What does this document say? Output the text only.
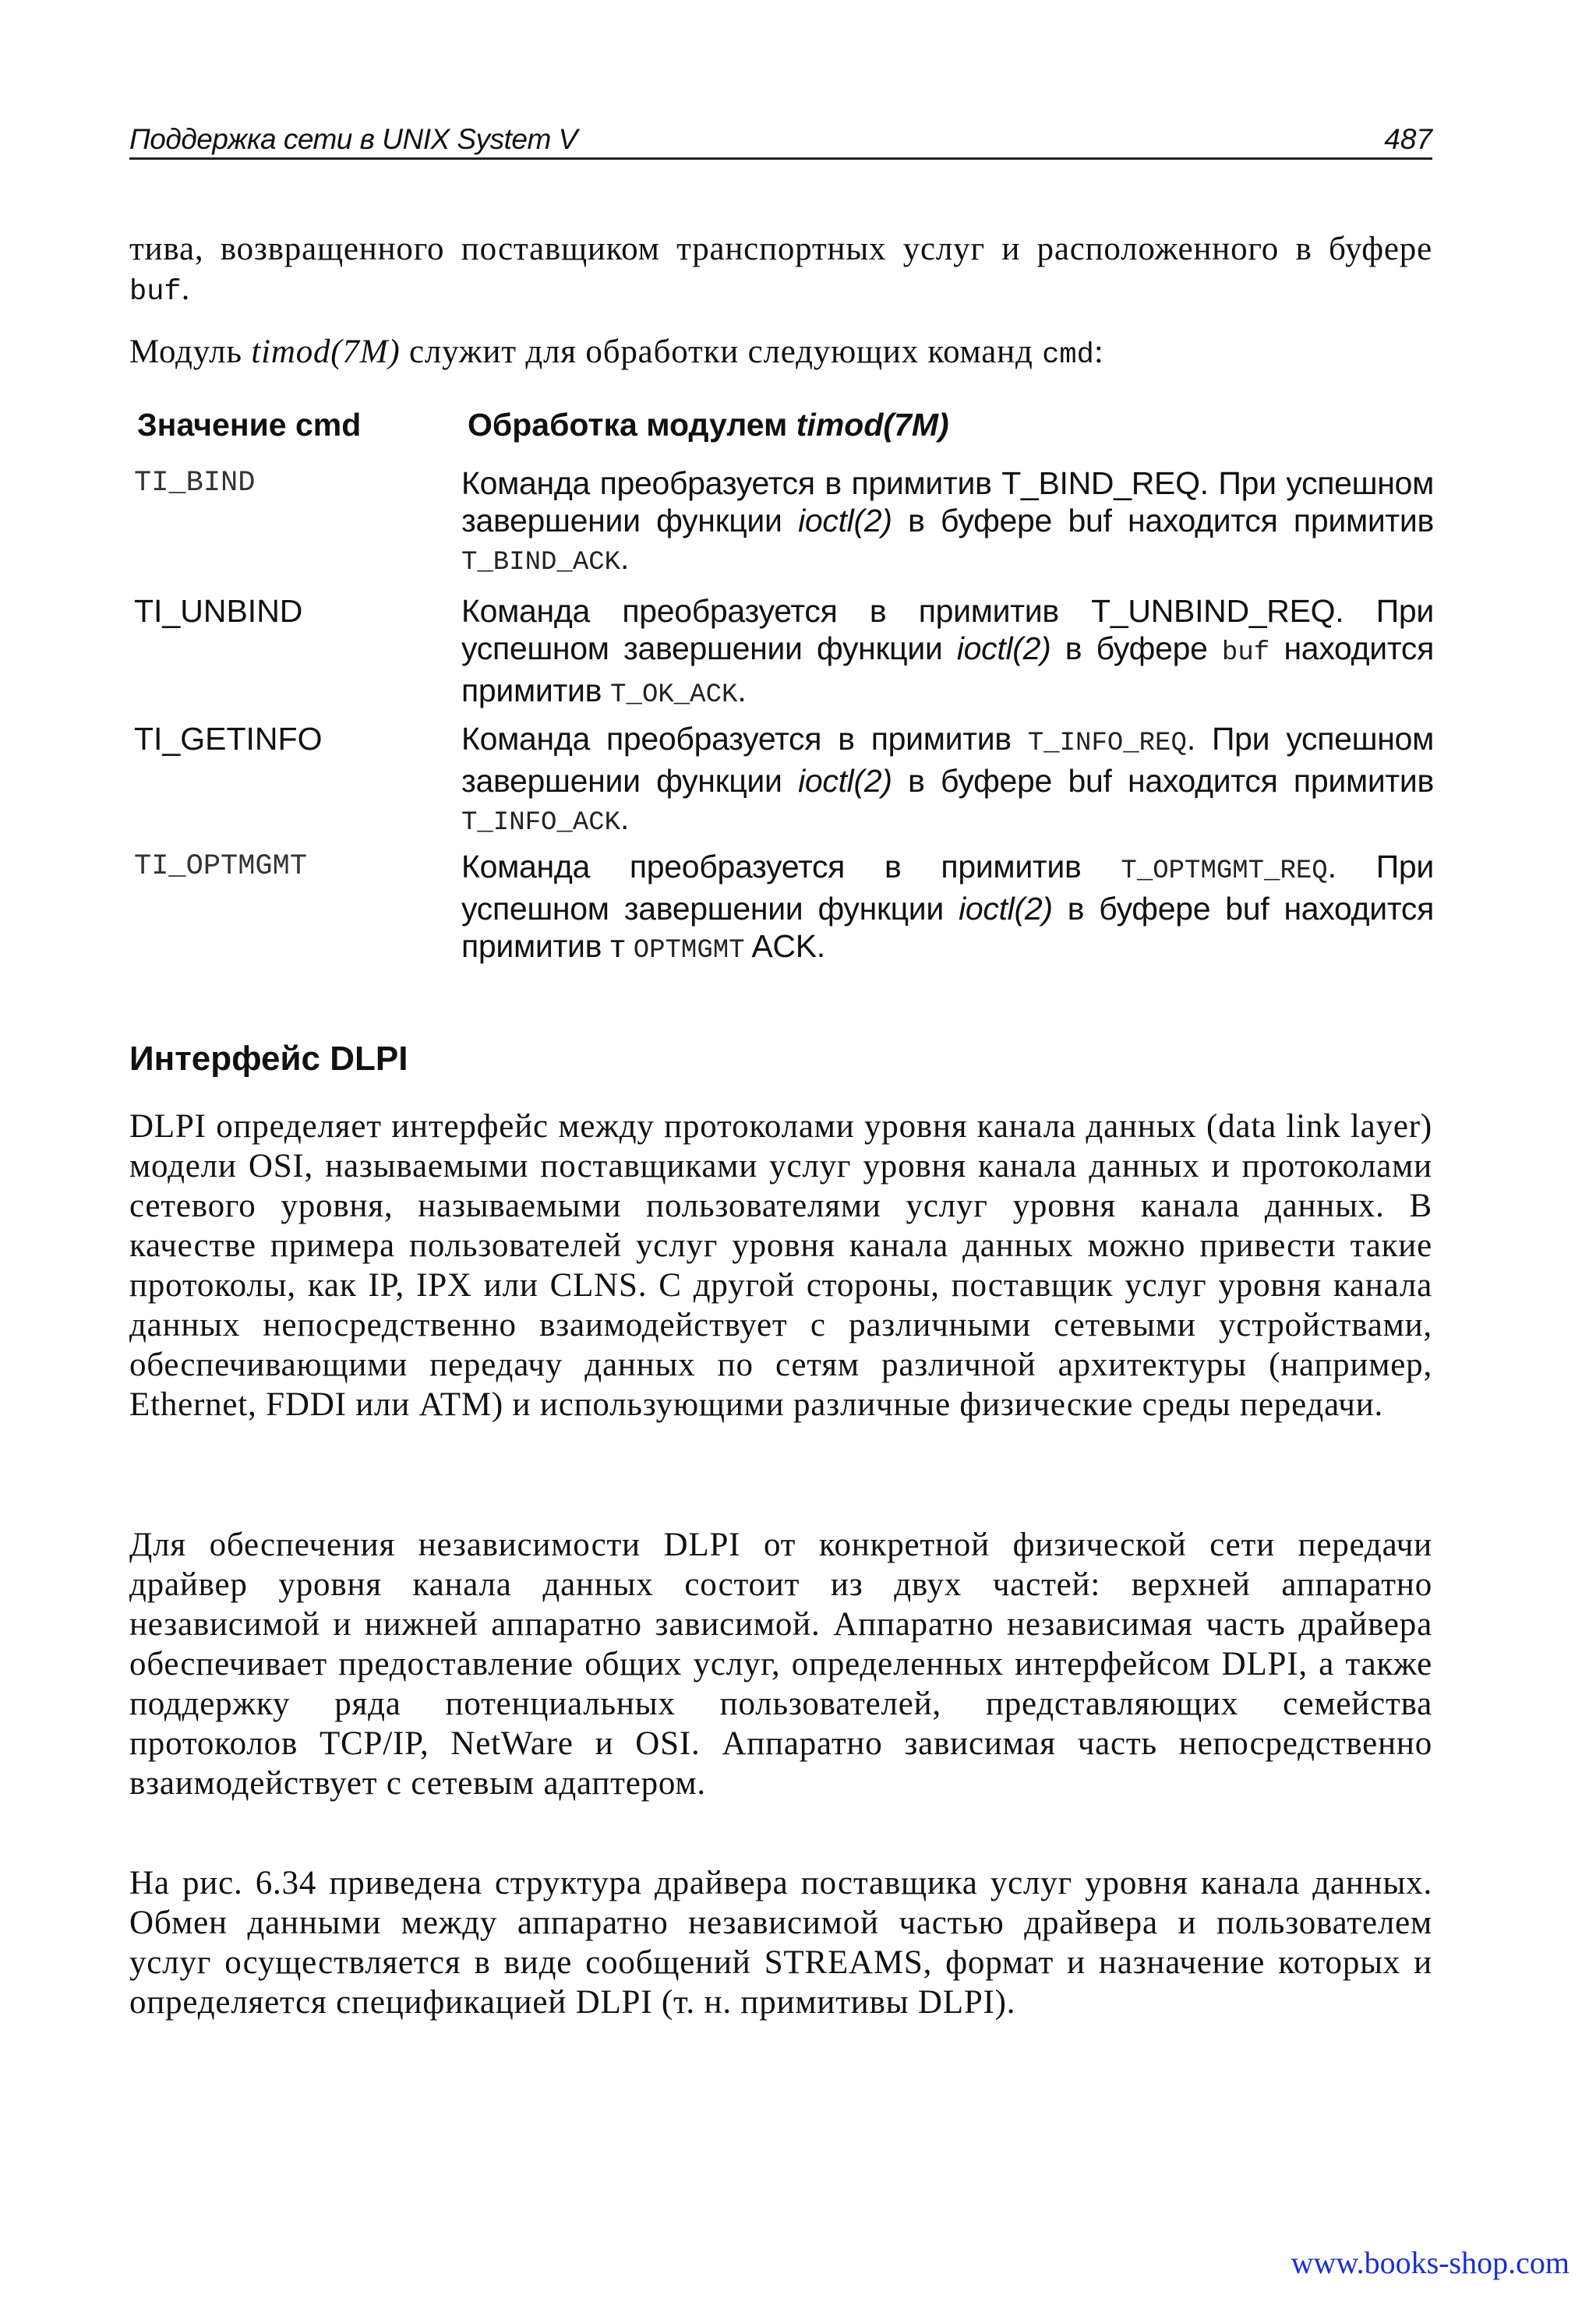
Поддержка сети в UNIX System V	487

тива, возвращенного поставщиком транспортных услуг и расположенного в буфере buf.

Модуль timod(7M) служит для обработки следующих команд cmd:

Значение cmd	Обработка модулем timod(7M)
TI_BIND	Команда преобразуется в примитив T_BIND_REQ. При успешном завершении функции ioctl(2) в буфере buf находится примитив T_BIND_ACK.

TI_UNBIND	Команда преобразуется в примитив T_UNBIND_REQ. При успешном завершении функции ioctl(2) в буфере buf находится примитив T_OK_ACK.

TI_GETINFO	Команда преобразуется в примитив T_INFO_REQ. При успешном завершении функции ioctl(2) в буфере buf находится примитив T_INFO_ACK.

TI_OPTMGMT	Команда преобразуется в примитив T_OPTMGMT_REQ. При успешном завершении функции ioctl(2) в буфере buf находится примитив т OPTMGMT ACK.

Интерфейс DLPI

DLPI определяет интерфейс между протоколами уровня канала данных (data link layer) модели OSI, называемыми поставщиками услуг уровня канала данных и протоколами сетевого уровня, называемыми пользователями услуг уровня канала данных. В качестве примера пользователей услуг уровня канала данных можно привести такие протоколы, как IP, IPX или CLNS. С другой стороны, поставщик услуг уровня канала данных непосредственно взаимодействует с различными сетевыми устройствами, обеспечивающими передачу данных по сетям различной архитектуры (например, Ethernet, FDDI или ATM) и использующими различные физические среды передачи.

Для обеспечения независимости DLPI от конкретной физической сети передачи драйвер уровня канала данных состоит из двух частей: верхней аппаратно независимой и нижней аппаратно зависимой. Аппаратно независимая часть драйвера обеспечивает предоставление общих услуг, определенных интерфейсом DLPI, а также поддержку ряда потенциальных пользователей, представляющих семейства протоколов TCP/IP, NetWare и OSI. Аппаратно зависимая часть непосредственно взаимодействует с сетевым адаптером.

На рис. 6.34 приведена структура драйвера поставщика услуг уровня канала данных. Обмен данными между аппаратно независимой частью драйвера и пользователем услуг осуществляется в виде сообщений STREAMS, формат и назначение которых и определяется спецификацией DLPI (т. н. примитивы DLPI).

www.books-shop.com
